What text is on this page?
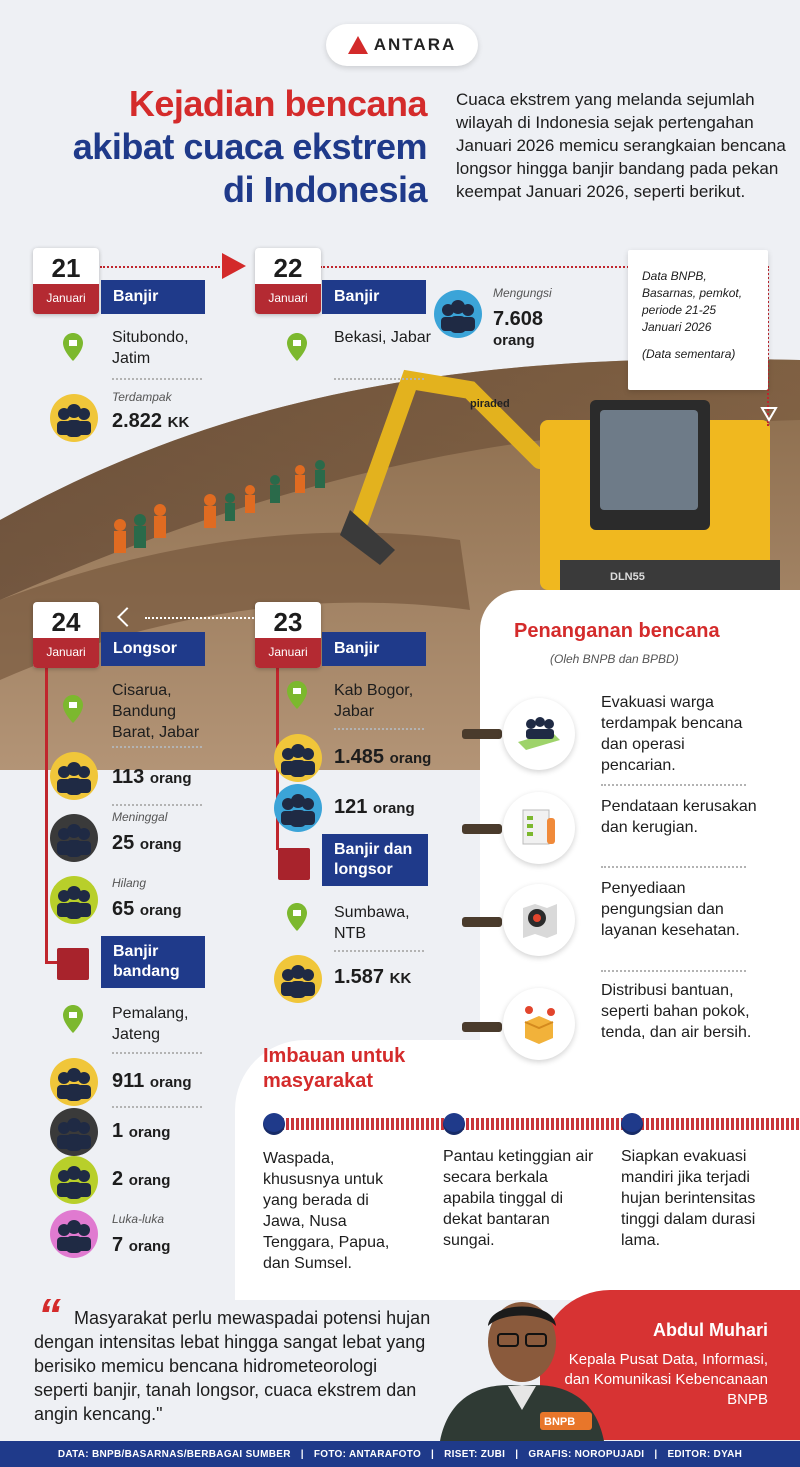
piraded
DLN55
ANTARA
Kejadian bencana
akibat cuaca ekstrem
di Indonesia
Cuaca ekstrem yang melanda sejumlah wilayah di Indonesia sejak pertengahan Januari 2026 memicu serangkaian bencana longsor hingga banjir bandang pada pekan keempat Januari 2026, seperti berikut.
Data BNPB, Basarnas, pemkot, periode 21-25 Januari 2026
(Data sementara)
21
Januari	Banjir
Situbondo, Jatim
Terdampak
2.822 KK
22
Januari	Banjir
Bekasi, Jabar
Mengungsi
7.608
orang
24
Januari	Longsor
Cisarua, Bandung Barat, Jabar
113 orang
Meninggal
25 orang
Hilang
65 orang
Banjir bandang
Pemalang, Jateng
911 orang
1 orang
2 orang
Luka-luka
7 orang
23
Januari	Banjir
Kab Bogor, Jabar
1.485 orang
121 orang
Banjir dan longsor
Sumbawa, NTB
1.587 KK
Penanganan bencana
(Oleh BNPB dan BPBD)
Evakuasi warga terdampak bencana dan operasi pencarian.
Pendataan kerusakan dan kerugian.
Penyediaan pengungsian dan layanan kesehatan.
Distribusi bantuan, seperti bahan pokok, tenda, dan air bersih.
Imbauan untuk masyarakat
Waspada, khususnya untuk yang berada di Jawa, Nusa Tenggara, Papua, dan Sumsel.
Pantau ketinggian air secara berkala apabila tinggal di dekat bantaran sungai.
Siapkan evakuasi mandiri jika terjadi hujan berintensitas tinggi dalam durasi lama.
BNPB
“ Masyarakat perlu mewaspadai potensi hujan dengan intensitas lebat hingga sangat lebat yang berisiko memicu bencana hidrometeorologi seperti banjir, tanah longsor, cuaca ekstrem dan angin kencang."
Abdul Muhari
Kepala Pusat Data, Informasi, dan Komunikasi Kebencanaan BNPB
DATA: BNPB/BASARNAS/BERBAGAI SUMBER | FOTO: ANTARAFOTO | RISET: ZUBI | GRAFIS: NOROPUJADI | EDITOR: DYAH
